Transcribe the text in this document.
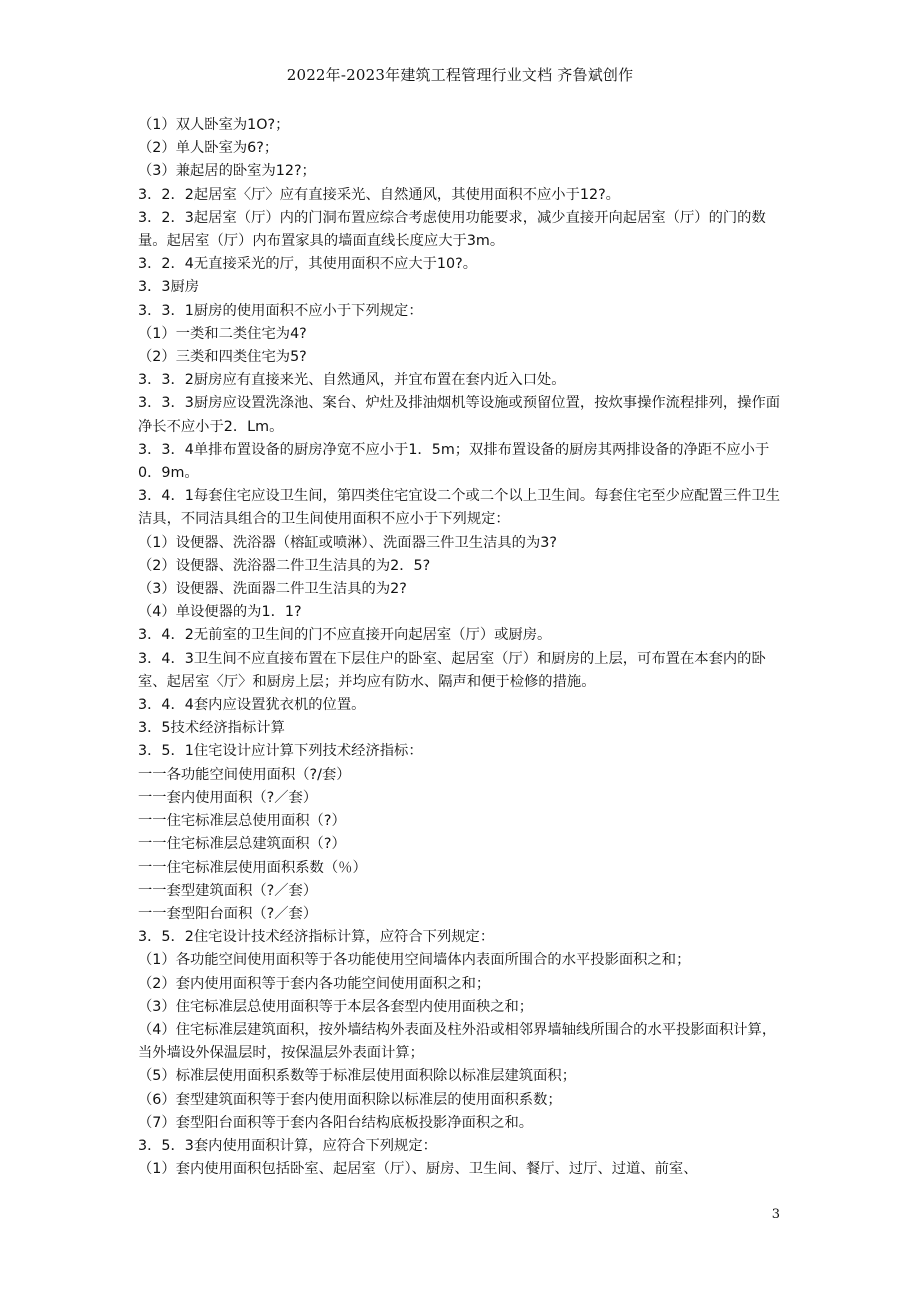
2022年-2023年建筑工程管理行业文档 齐鲁斌创作

（1）双人卧室为1O?；

（2）单人卧室为6?；

（3）兼起居的卧室为12?；

3．2．2起居室〈厅〉应有直接采光、自然通风，其使用面积不应小于12?。

3．2．3起居室（厅）内的门洞布置应综合考虑使用功能要求，减少直接开向起居室（厅）的门的数量。起居室（厅）内布置家具的墙面直线长度应大于3m。

3．2．4无直接采光的厅，其使用面积不应大于10?。

3．3厨房

3．3．1厨房的使用面积不应小于下列规定：

（1）一类和二类住宅为4?

（2）三类和四类住宅为5?

3．3．2厨房应有直接来光、自然通风，并宜布置在套内近入口处。

3．3．3厨房应设置洗涤池、案台、炉灶及排油烟机等设施或预留位置，按炊事操作流程排列，操作面净长不应小于2．Lm。

3．3．4单排布置设备的厨房净宽不应小于1．5m；双排布置设备的厨房其两排设备的净距不应小于0．9m。

3．4．1每套住宅应设卫生间，第四类住宅宜设二个或二个以上卫生间。每套住宅至少应配置三件卫生洁具，不同洁具组合的卫生间使用面积不应小于下列规定：

（1）设便器、洗浴器（榕缸或喷淋）、洗面器三件卫生洁具的为3?

（2）设便器、洗浴器二件卫生洁具的为2．5?

（3）设便器、洗面器二件卫生洁具的为2?

（4）单设便器的为1．1?

3．4．2无前室的卫生间的门不应直接开向起居室（厅）或厨房。

3．4．3卫生间不应直接布置在下层住户的卧室、起居室（厅）和厨房的上层，可布置在本套内的卧室、起居室〈厅〉和厨房上层；并均应有防水、隔声和便于检修的措施。

3．4．4套内应设置犹衣机的位置。

3．5技术经济指标计算

3．5．1住宅设计应计算下列技术经济指标：

一一各功能空间使用面积（?/套）

一一套内使用面积（?／套）

一一住宅标准层总使用面积（?）

一一住宅标准层总建筑面积（?）

一一住宅标准层使用面积系数（％）

一一套型建筑面积（?／套）

一一套型阳台面积（?／套）

3．5．2住宅设计技术经济指标计算，应符合下列规定：

（1）各功能空间使用面积等于各功能使用空间墙体内表面所围合的水平投影面积之和；

（2）套内使用面积等于套内各功能空间使用面积之和；

（3）住宅标准层总使用面积等于本层各套型内使用面秧之和；

（4）住宅标准层建筑面积，按外墙结构外表面及柱外沿或相邻界墙轴线所围合的水平投影面积计算，当外墙设外保温层时，按保温层外表面计算；

（5）标准层使用面积系数等于标准层使用面积除以标准层建筑面积；

（6）套型建筑面积等于套内使用面积除以标准层的使用面积系数；

（7）套型阳台面积等于套内各阳台结构底板投影净面积之和。

3．5．3套内使用面积计算，应符合下列规定：

（1）套内使用面积包括卧室、起居室（厅）、厨房、卫生间、餐厅、过厅、过道、前室、

3
